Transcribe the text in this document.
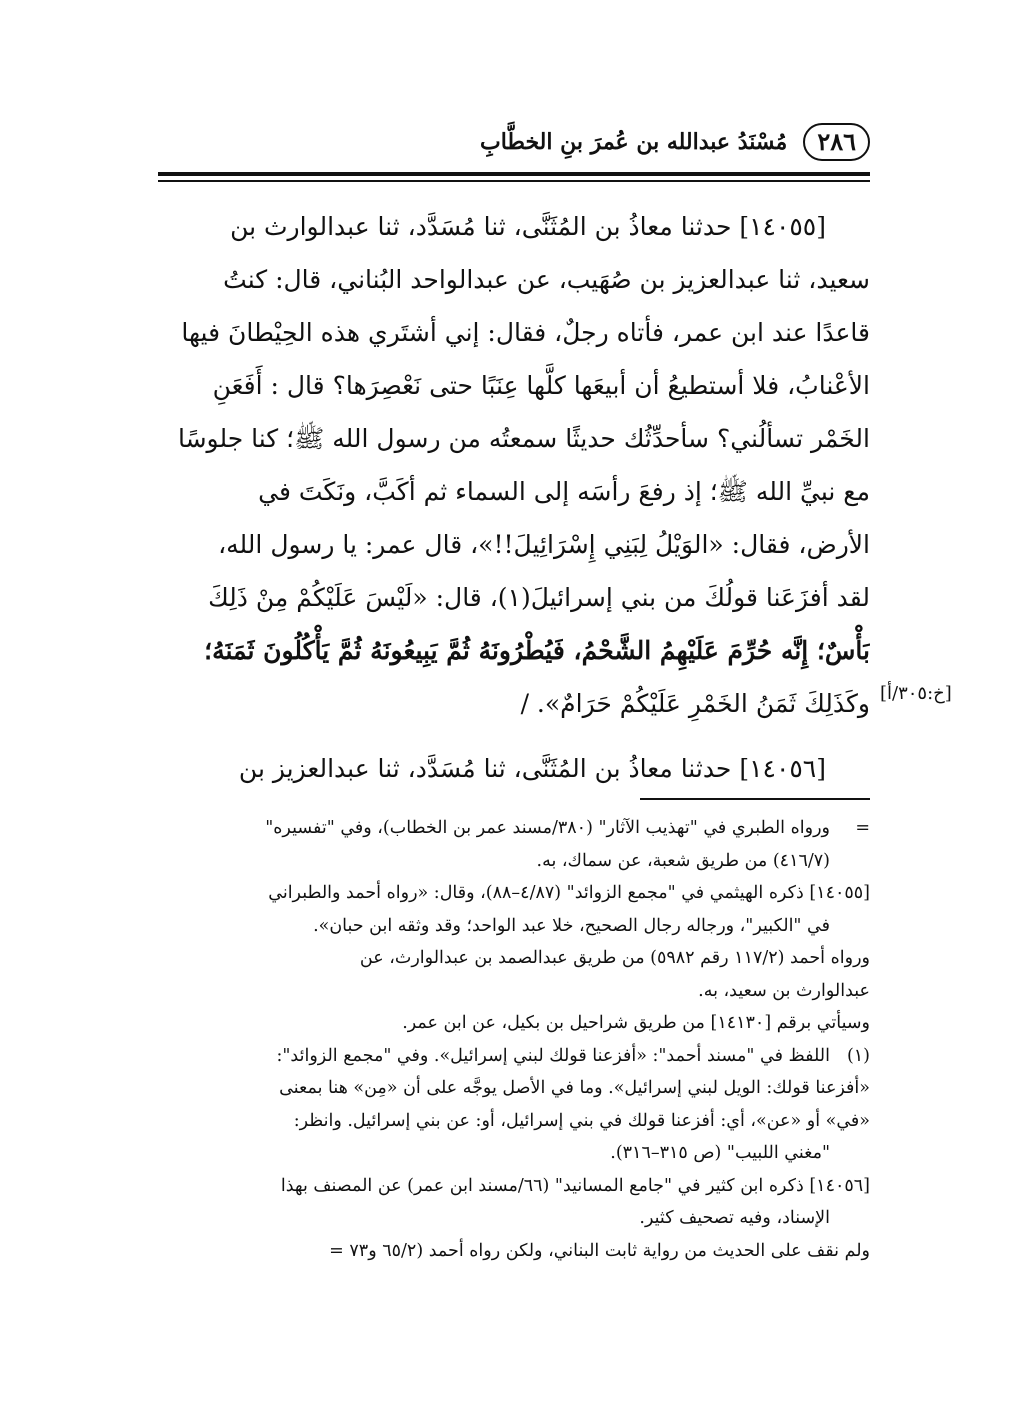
٢٨٦
مُسْنَدُ عبدالله بن عُمرَ بنِ الخطَّابِ
[١٤٠٥٥] حدثنا معاذُ بن المُثَنَّى، ثنا مُسَدَّد، ثنا عبدالوارث بن
سعيد، ثنا عبدالعزيز بن صُهَيب، عن عبدالواحد البُناني، قال: كنتُ
قاعدًا عند ابن عمر، فأتاه رجلٌ، فقال: إني أشتَري هذه الحِيْطانَ فيها
الأعْنابُ، فلا أستطيعُ أن أبيعَها كلَّها عِنَبًا حتى نَعْصِرَها؟ قال : أَفَعَنِ
الخَمْر تسألُني؟ سأحدِّثُك حديثًا سمعتُه من رسول الله ﷺ؛ كنا جلوسًا
مع نبيِّ الله ﷺ؛ إذ رفعَ رأسَه إلى السماء ثم أكَبَّ، ونَكَتَ في
الأرض، فقال: «الوَيْلُ لِبَنِي إِسْرَائِيلَ!!»، قال عمر: يا رسول الله،
لقد أفزَعَنا قولُكَ من بني إسرائيلَ(١)، قال: «لَيْسَ عَلَيْكُمْ مِنْ ذَلِكَ
بَأْسٌ؛ إِنَّه حُرِّمَ عَلَيْهِمُ الشَّحْمُ، فَيُطْرُونَهُ ثُمَّ يَبِيعُونَهُ ثُمَّ يَأْكُلُونَ ثَمَنَهُ؛
وكَذَلِكَ ثَمَنُ الخَمْرِ عَلَيْكُمْ حَرَامٌ». /
[١٤٠٥٦] حدثنا معاذُ بن المُثَنَّى، ثنا مُسَدَّد، ثنا عبدالعزيز بن
[خ:٣٠٥/أ]
=ورواه الطبري في "تهذيب الآثار" (٣٨٠/مسند عمر بن الخطاب)، وفي "تفسيره"
(٤١٦/٧) من طريق شعبة، عن سماك، به.
[١٤٠٥٥] ذكره الهيثمي في "مجمع الزوائد" (٤/٨٧–٨٨)، وقال: «رواه أحمد والطبراني
في "الكبير"، ورجاله رجال الصحيح، خلا عبد الواحد؛ وقد وثقه ابن حبان».
ورواه أحمد (١١٧/٢ رقم ٥٩٨٢) من طريق عبدالصمد بن عبدالوارث، عن
عبدالوارث بن سعيد، به.
وسيأتي برقم [١٤١٣٠] من طريق شراحيل بن بكيل، عن ابن عمر.
(١)اللفظ في "مسند أحمد": «أفزعنا قولك لبني إسرائيل». وفي "مجمع الزوائد":
«أفزعنا قولك: الويل لبني إسرائيل». وما في الأصل يوجَّه على أن «مِن» هنا بمعنى
«في» أو «عن»، أي: أفزعنا قولك في بني إسرائيل، أو: عن بني إسرائيل. وانظر:
"مغني اللبيب" (ص ٣١٥–٣١٦).
[١٤٠٥٦] ذكره ابن كثير في "جامع المسانيد" (٦٦/مسند ابن عمر) عن المصنف بهذا
الإسناد، وفيه تصحيف كثير.
ولم نقف على الحديث من رواية ثابت البناني، ولكن رواه أحمد (٦٥/٢ و٧٣ =
